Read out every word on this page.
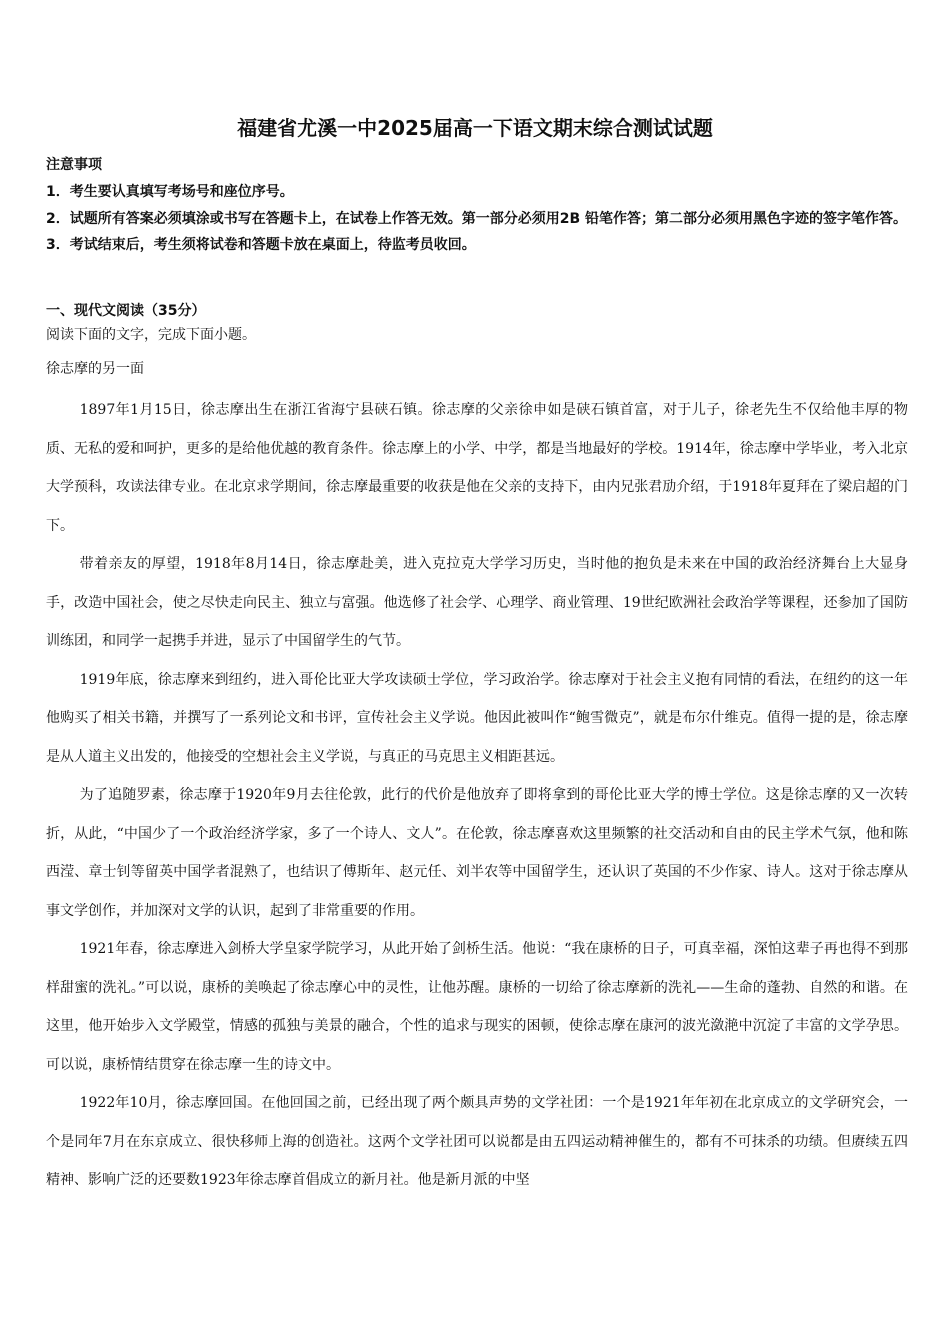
福建省尤溪一中2025届高一下语文期末综合测试试题
注意事项
1．考生要认真填写考场号和座位序号。
2．试题所有答案必须填涂或书写在答题卡上，在试卷上作答无效。第一部分必须用2B 铅笔作答；第二部分必须用黑色字迹的签字笔作答。
3．考试结束后，考生须将试卷和答题卡放在桌面上，待监考员收回。
一、现代文阅读（35分）
阅读下面的文字，完成下面小题。
徐志摩的另一面

1897年1月15日，徐志摩出生在浙江省海宁县硖石镇。徐志摩的父亲徐申如是硖石镇首富，对于儿子，徐老先生不仅给他丰厚的物质、无私的爱和呵护，更多的是给他优越的教育条件。徐志摩上的小学、中学，都是当地最好的学校。1914年，徐志摩中学毕业，考入北京大学预科，攻读法律专业。在北京求学期间，徐志摩最重要的收获是他在父亲的支持下，由内兄张君劢介绍，于1918年夏拜在了梁启超的门下。

带着亲友的厚望，1918年8月14日，徐志摩赴美，进入克拉克大学学习历史，当时他的抱负是未来在中国的政治经济舞台上大显身手，改造中国社会，使之尽快走向民主、独立与富强。他选修了社会学、心理学、商业管理、19世纪欧洲社会政治学等课程，还参加了国防训练团，和同学一起携手并进，显示了中国留学生的气节。

1919年底，徐志摩来到纽约，进入哥伦比亚大学攻读硕士学位，学习政治学。徐志摩对于社会主义抱有同情的看法，在纽约的这一年他购买了相关书籍，并撰写了一系列论文和书评，宣传社会主义学说。他因此被叫作“鲍雪微克”，就是布尔什维克。值得一提的是，徐志摩是从人道主义出发的，他接受的空想社会主义学说，与真正的马克思主义相距甚远。

为了追随罗素，徐志摩于1920年9月去往伦敦，此行的代价是他放弃了即将拿到的哥伦比亚大学的博士学位。这是徐志摩的又一次转折，从此，“中国少了一个政治经济学家，多了一个诗人、文人”。在伦敦，徐志摩喜欢这里频繁的社交活动和自由的民主学术气氛，他和陈西滢、章士钊等留英中国学者混熟了，也结识了傅斯年、赵元任、刘半农等中国留学生，还认识了英国的不少作家、诗人。这对于徐志摩从事文学创作，并加深对文学的认识，起到了非常重要的作用。

1921年春，徐志摩进入剑桥大学皇家学院学习，从此开始了剑桥生活。他说：“我在康桥的日子，可真幸福，深怕这辈子再也得不到那样甜蜜的洗礼。”可以说，康桥的美唤起了徐志摩心中的灵性，让他苏醒。康桥的一切给了徐志摩新的洗礼——生命的蓬勃、自然的和谐。在这里，他开始步入文学殿堂，情感的孤独与美景的融合，个性的追求与现实的困顿，使徐志摩在康河的波光潋滟中沉淀了丰富的文学孕思。可以说，康桥情结贯穿在徐志摩一生的诗文中。

1922年10月，徐志摩回国。在他回国之前，已经出现了两个颇具声势的文学社团：一个是1921年年初在北京成立的文学研究会，一个是同年7月在东京成立、很快移师上海的创造社。这两个文学社团可以说都是由五四运动精神催生的，都有不可抹杀的功绩。但赓续五四精神、影响广泛的还要数1923年徐志摩首倡成立的新月社。他是新月派的中坚
